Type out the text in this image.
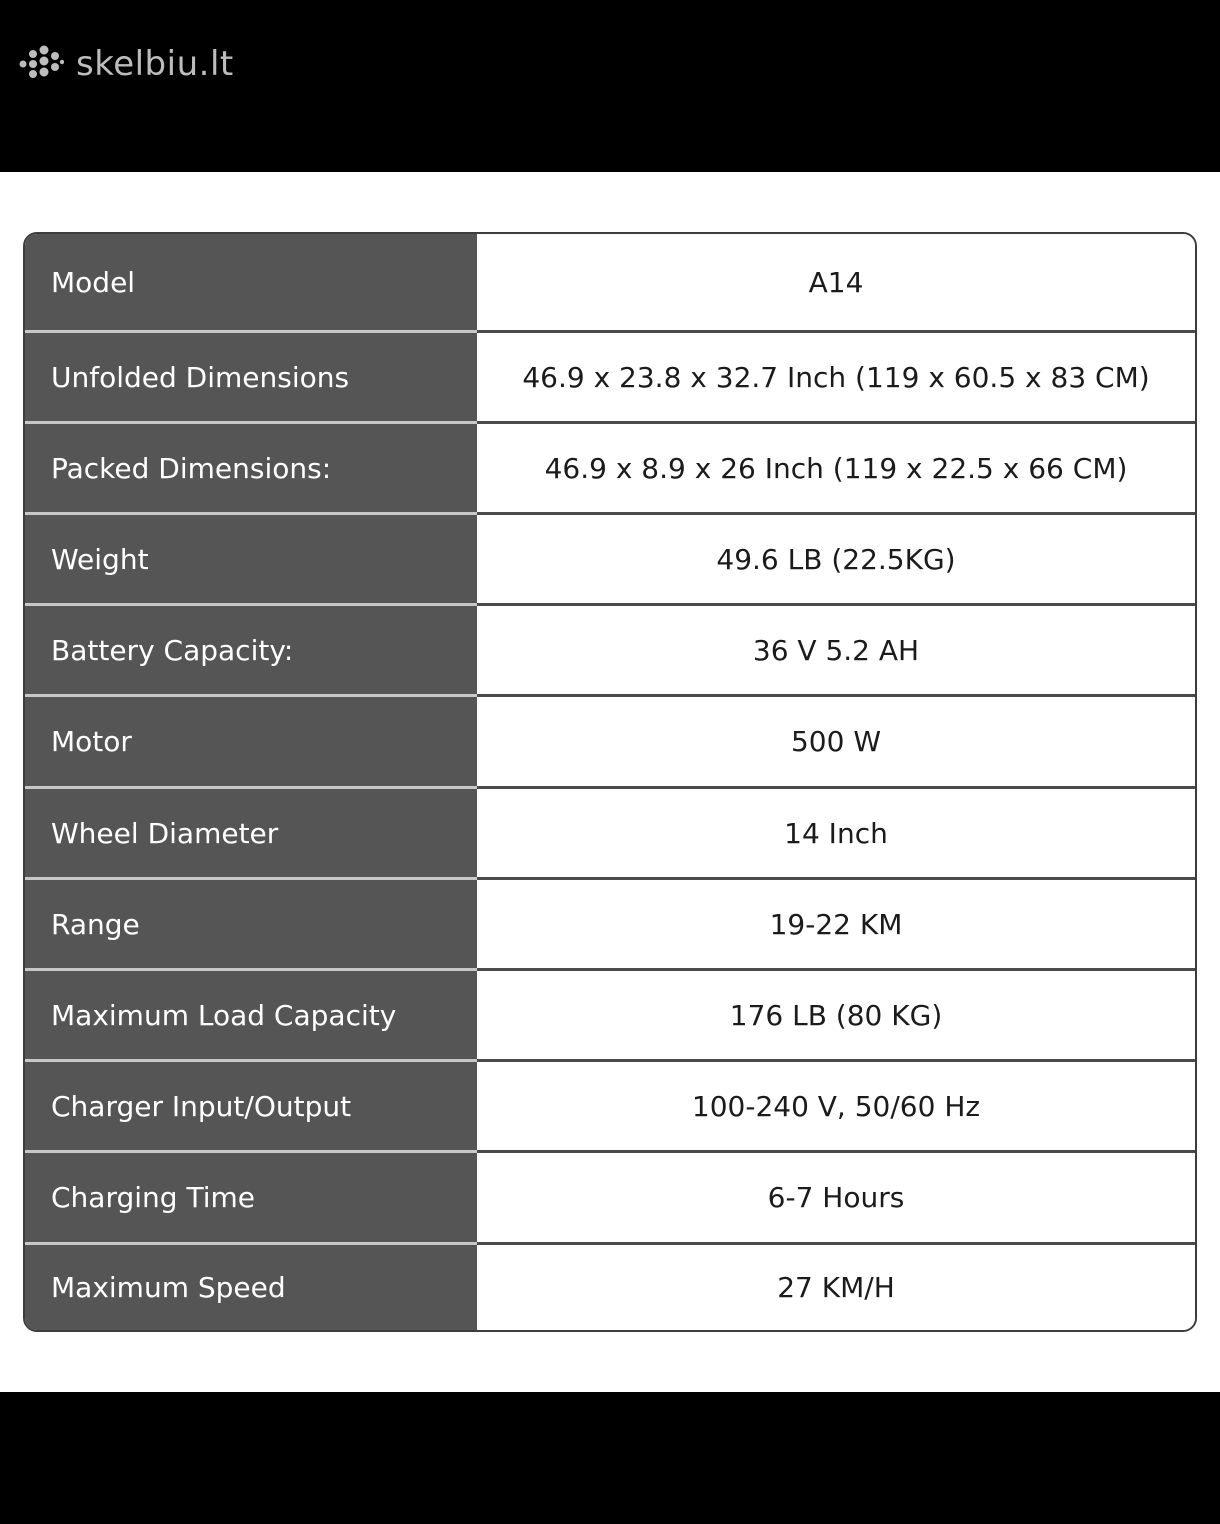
skelbiu.lt
Model	A14
Unfolded Dimensions	46.9 x 23.8 x 32.7 Inch (119 x 60.5 x 83 CM)
Packed Dimensions:	46.9 x 8.9 x 26 Inch (119 x 22.5 x 66 CM)
Weight	49.6 LB (22.5KG)
Battery Capacity:	36 V 5.2 AH
Motor	500 W
Wheel Diameter	14 Inch
Range	19-22 KM
Maximum Load Capacity	176 LB (80 KG)
Charger Input/Output	100-240 V, 50/60 Hz
Charging Time	6-7 Hours
Maximum Speed	27 KM/H
